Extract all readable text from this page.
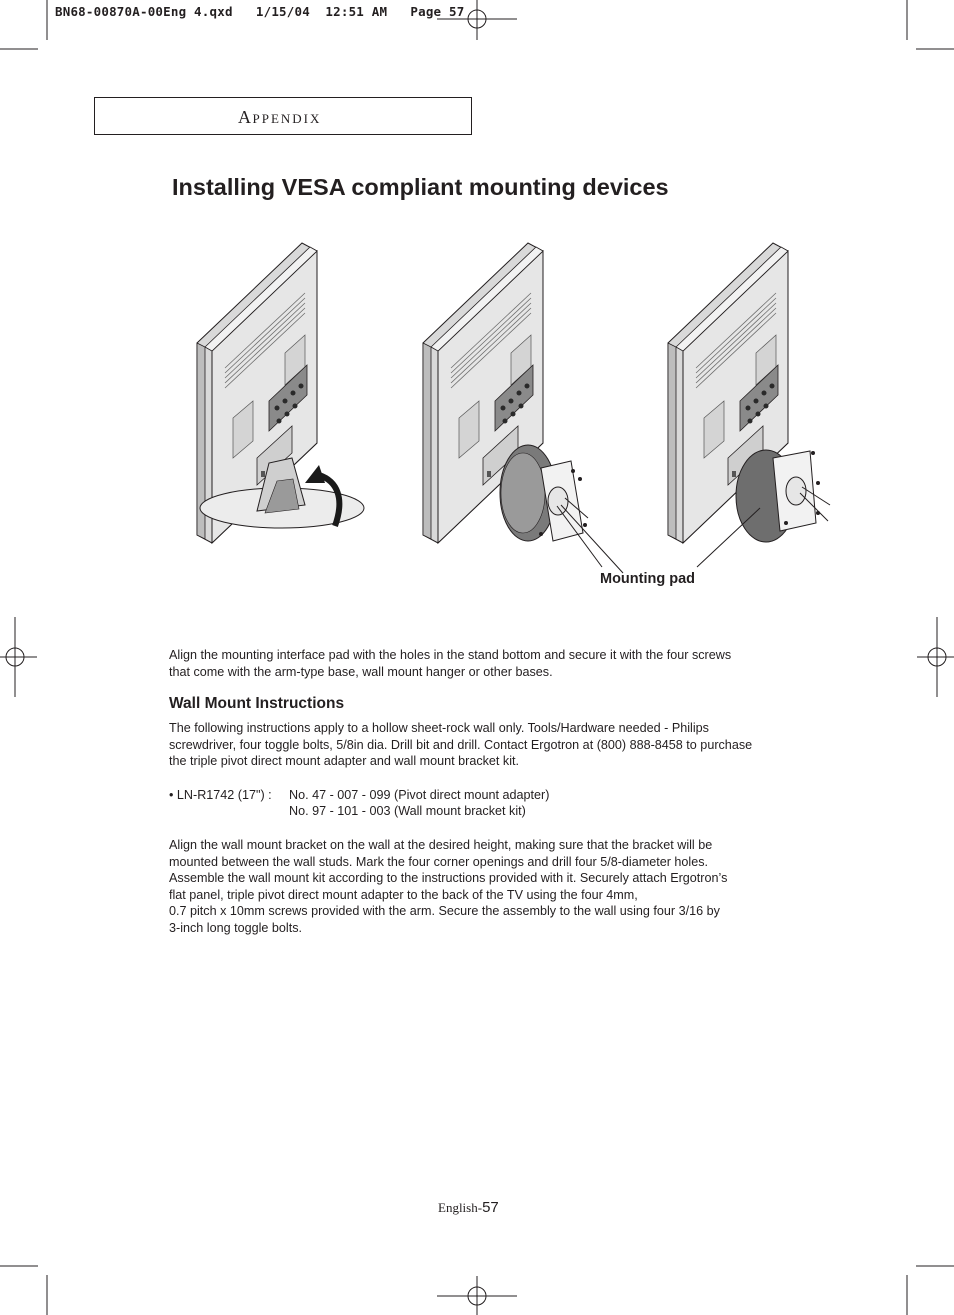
BN68-00870A-00Eng 4.qxd   1/15/04  12:51 AM   Page 57
APPENDIX
Installing VESA compliant mounting devices
Mounting pad

Align the mounting interface pad with the holes in the stand bottom and secure it with the four screws that come with the arm-type base, wall mount hanger or other bases.

Wall Mount Instructions

The following instructions apply to a hollow sheet-rock wall only. Tools/Hardware needed - Philips screwdriver, four toggle bolts, 5/8in dia. Drill bit and drill. Contact Ergotron at (800) 888-8458 to purchase the triple pivot direct mount adapter and wall mount bracket kit.

• LN-R1742 (17") : No. 47 - 007 - 099 (Pivot direct mount adapter)
No. 97 - 101 - 003 (Wall mount bracket kit)
Align the wall mount bracket on the wall at the desired height, making sure that the bracket will be
mounted between the wall studs. Mark the four corner openings and drill four 5/8-diameter holes.
Assemble the wall mount kit according to the instructions provided with it. Securely attach Ergotron’s
flat panel, triple pivot direct mount adapter to the back of the TV using the four 4mm,
0.7 pitch x 10mm screws provided with the arm. Secure the assembly to the wall using four 3/16 by
3-inch long toggle bolts.
English-57
